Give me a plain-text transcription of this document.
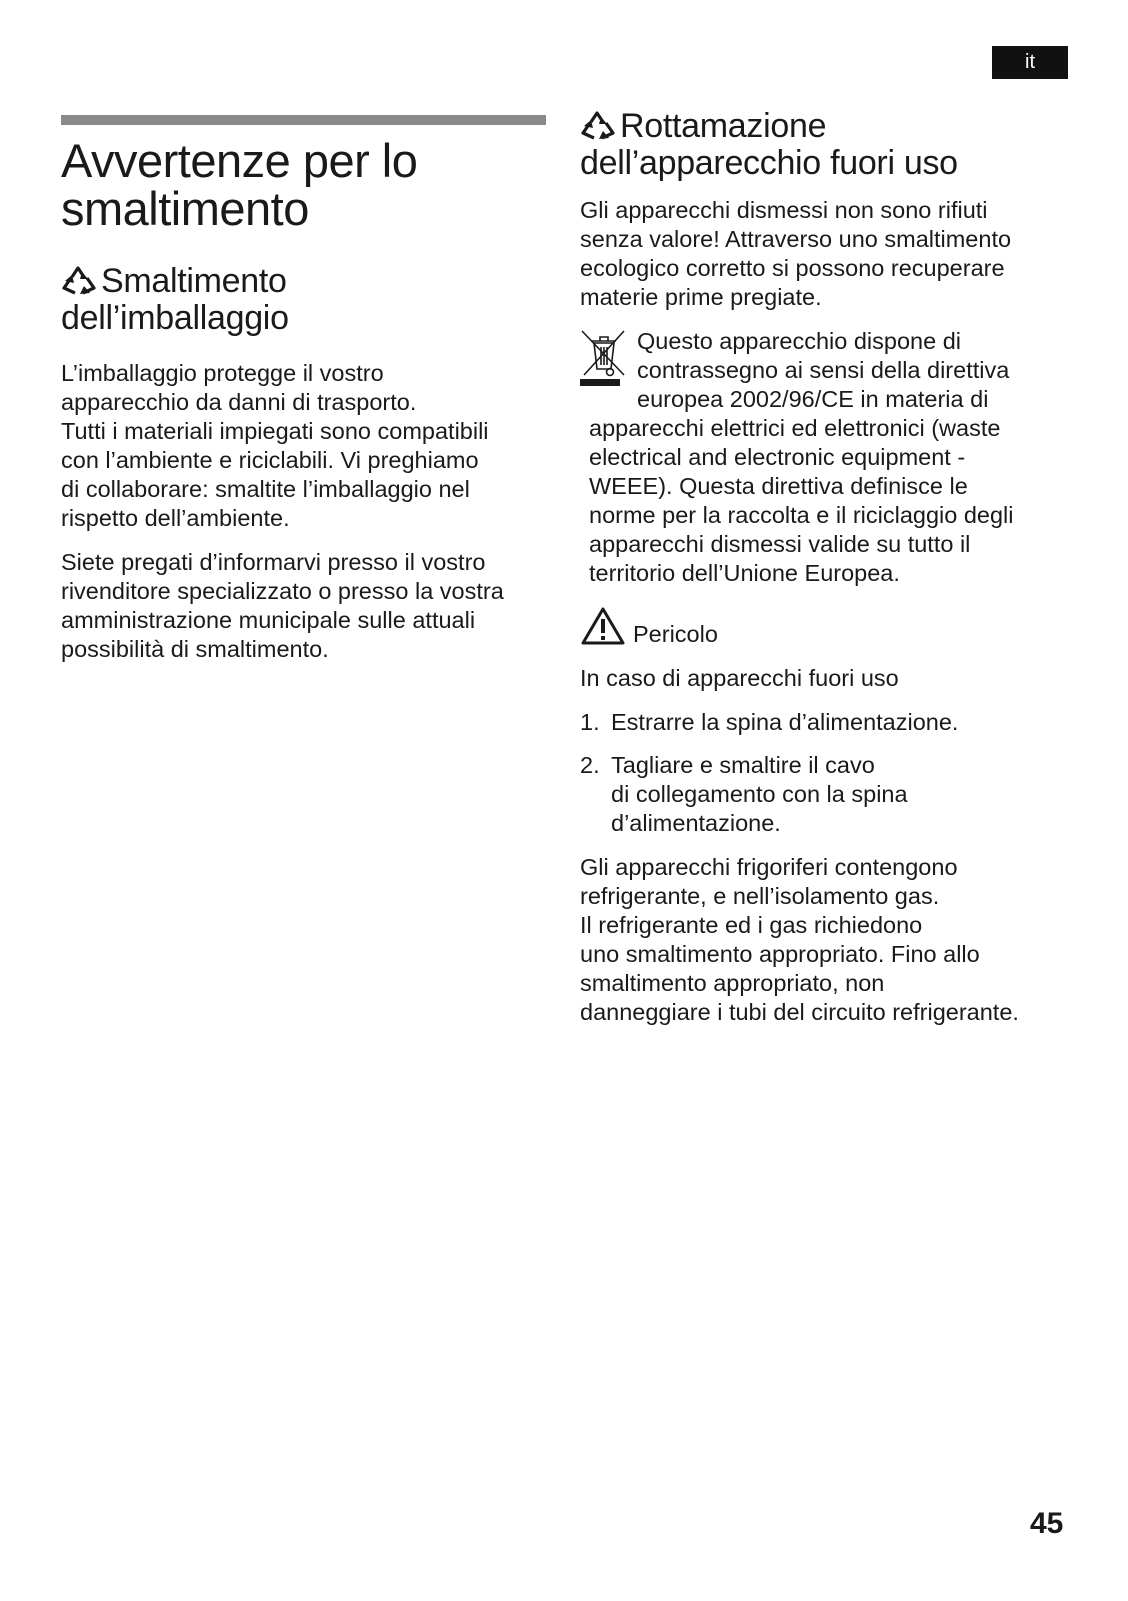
it
Avvertenze per lo
smaltimento
Smaltimento
dell’imballaggio

L’imballaggio protegge il vostro
apparecchio da danni di trasporto.
Tutti i materiali impiegati sono compatibili
con l’ambiente e riciclabili. Vi preghiamo
di collaborare: smaltite l’imballaggio nel
rispetto dell’ambiente.

Siete pregati d’informarvi presso il vostro
rivenditore specializzato o presso la vostra
amministrazione municipale sulle attuali
possibilità di smaltimento.

Rottamazione
dell’apparecchio fuori uso

Gli apparecchi dismessi non sono rifiuti
senza valore! Attraverso uno smaltimento
ecologico corretto si possono recuperare
materie prime pregiate.

Questo apparecchio dispone di
contrassegno ai sensi della direttiva
europea 2002/96/CE in materia di
apparecchi elettrici ed elettronici (waste
electrical and electronic equipment -
WEEE). Questa direttiva definisce le
norme per la raccolta e il riciclaggio degli
apparecchi dismessi valide su tutto il
territorio dell’Unione Europea.
Pericolo

In caso di apparecchi fuori uso

1. Estrarre la spina d’alimentazione.
2. Tagliare e smaltire il cavo
di collegamento con la spina
d’alimentazione.

Gli apparecchi frigoriferi contengono
refrigerante, e nell’isolamento gas.
Il refrigerante ed i gas richiedono
uno smaltimento appropriato. Fino allo
smaltimento appropriato, non
danneggiare i tubi del circuito refrigerante.

45
